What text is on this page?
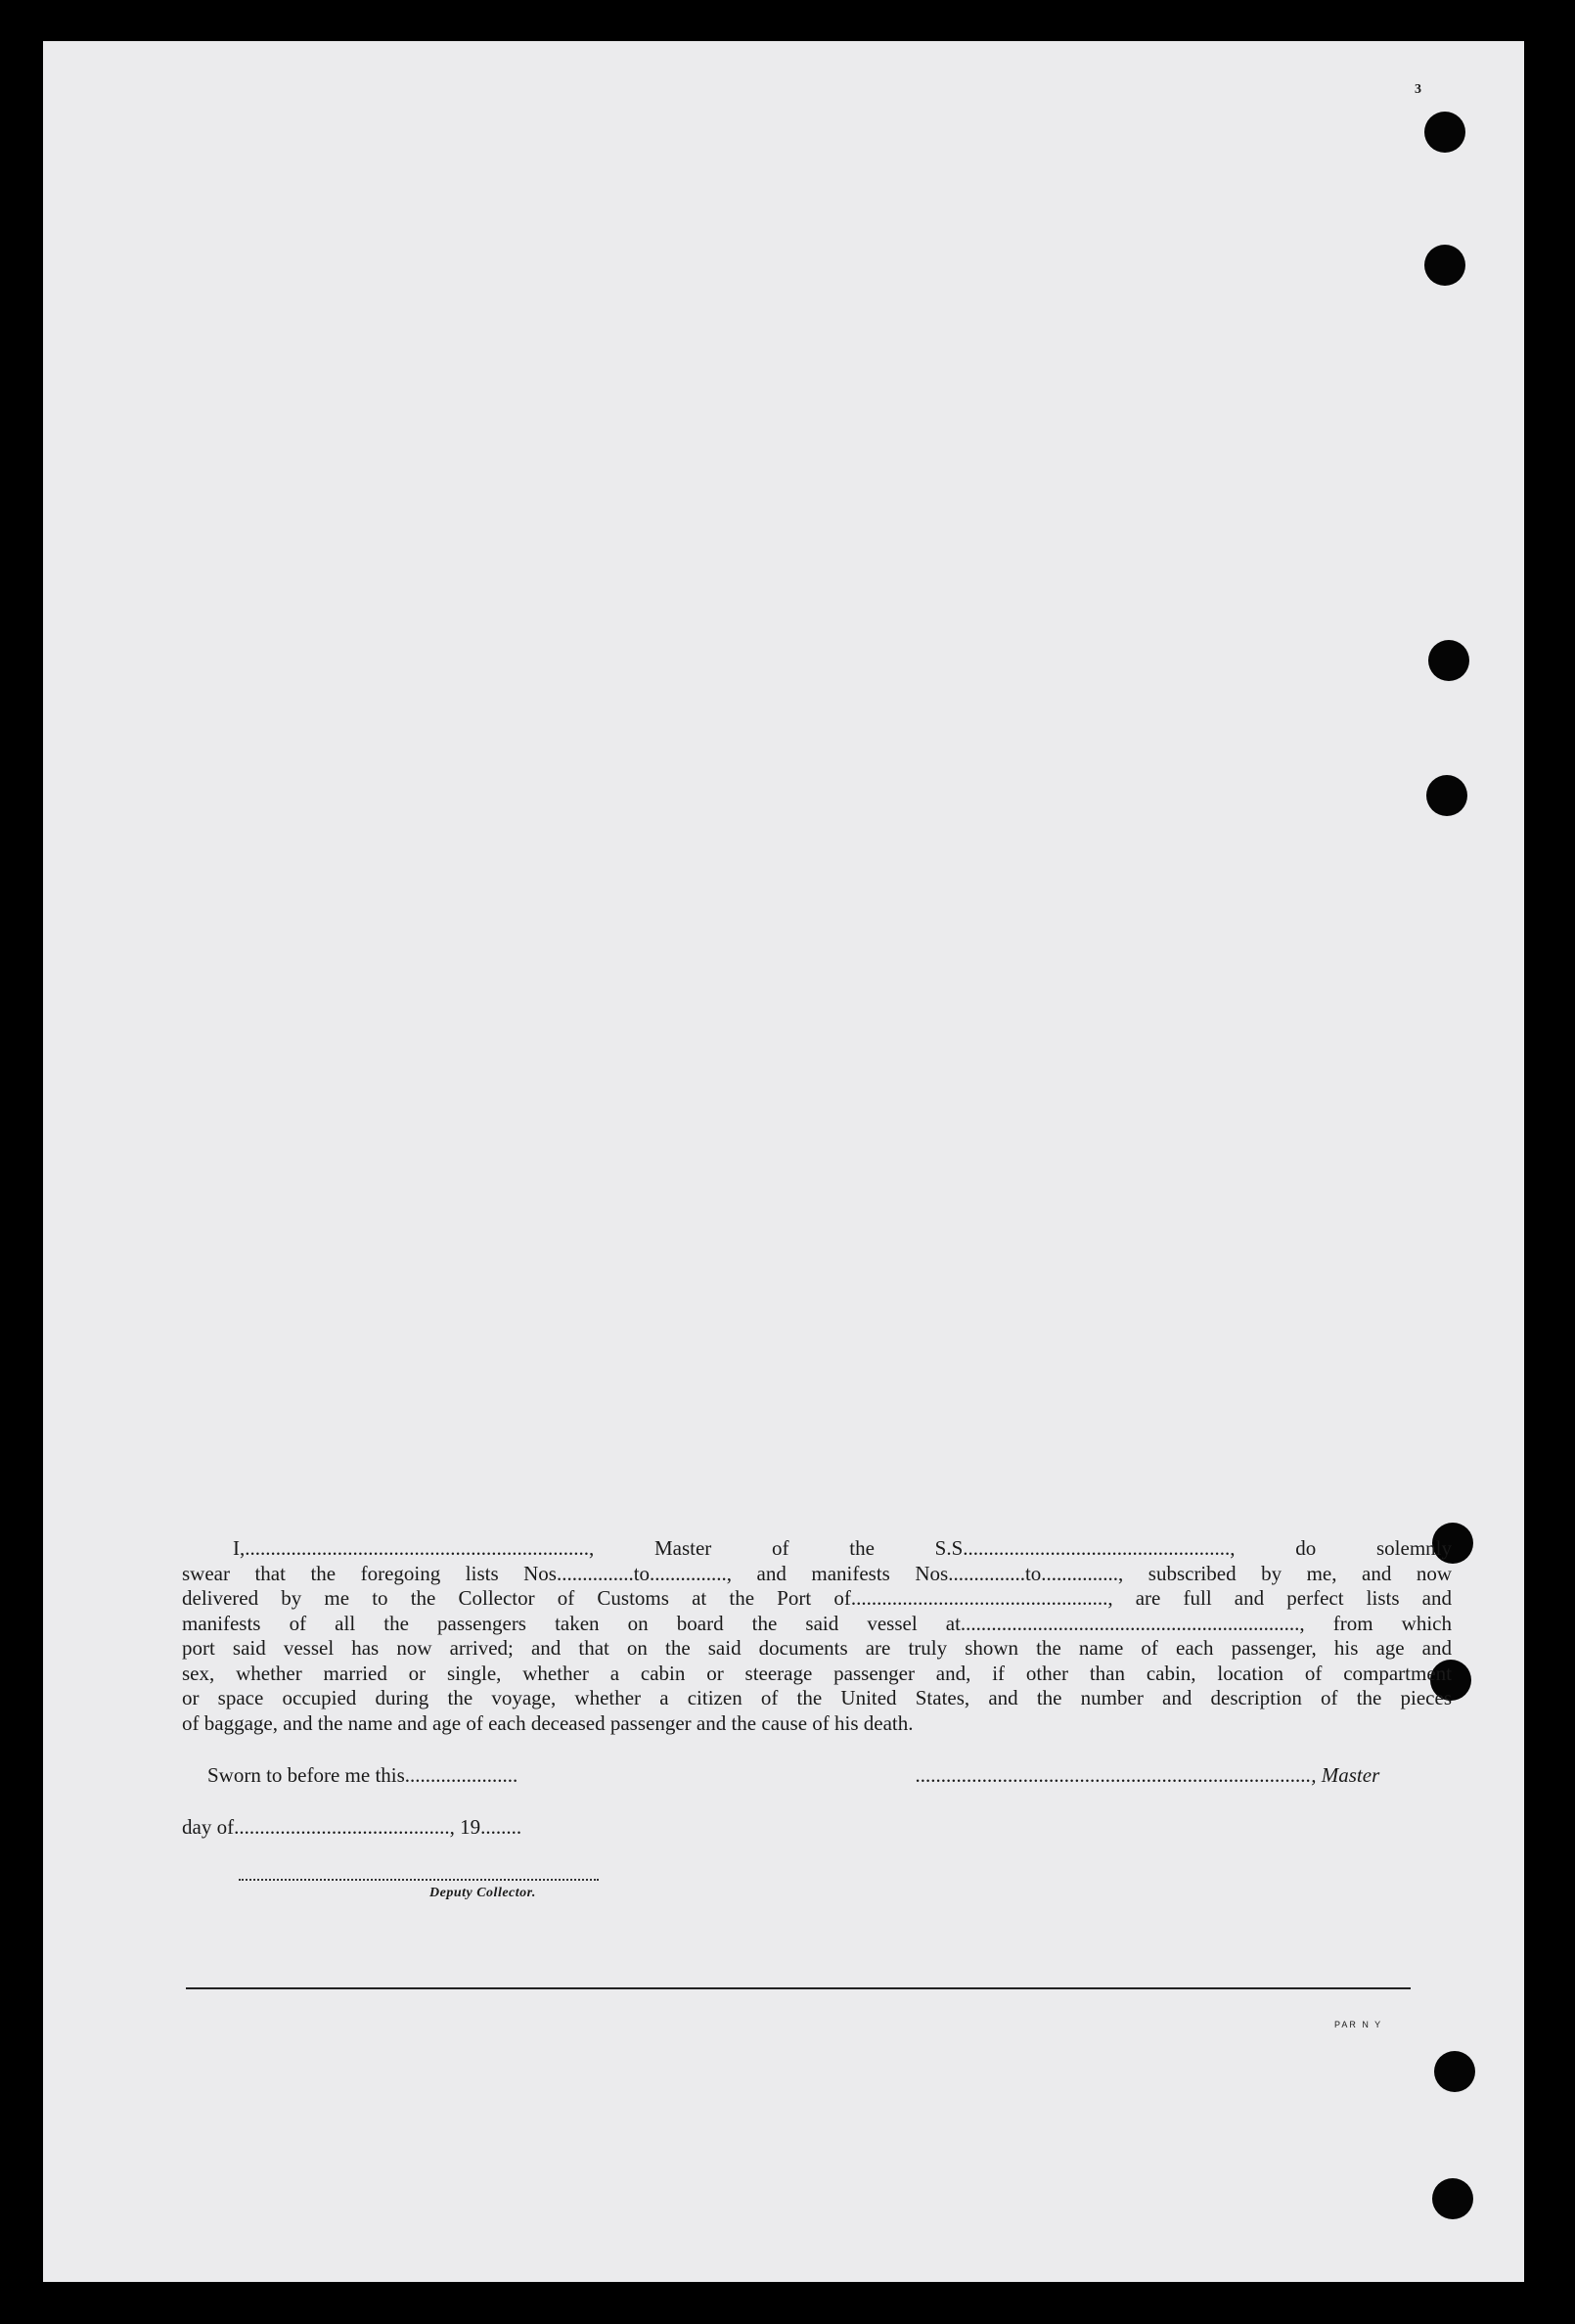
3
I,..................................................................., Master of the S.S...................................................., do solemnly
swear that the foregoing lists Nos...............to..............., and manifests Nos...............to..............., subscribed by me, and now
delivered by me to the Collector of Customs at the Port of.................................................., are full and perfect lists and
manifests of all the passengers taken on board the said vessel at.................................................................., from which
port said vessel has now arrived; and that on the said documents are truly shown the name of each passenger, his age and
sex, whether married or single, whether a cabin or steerage passenger and, if other than cabin, location of compartment
or space occupied during the voyage, whether a citizen of the United States, and the number and description of the pieces
of baggage, and the name and age of each deceased passenger and the cause of his death.
Sworn to before me this......................	............................................................................., Master
day of.........................................., 19........
Deputy Collector.
PAR N Y
